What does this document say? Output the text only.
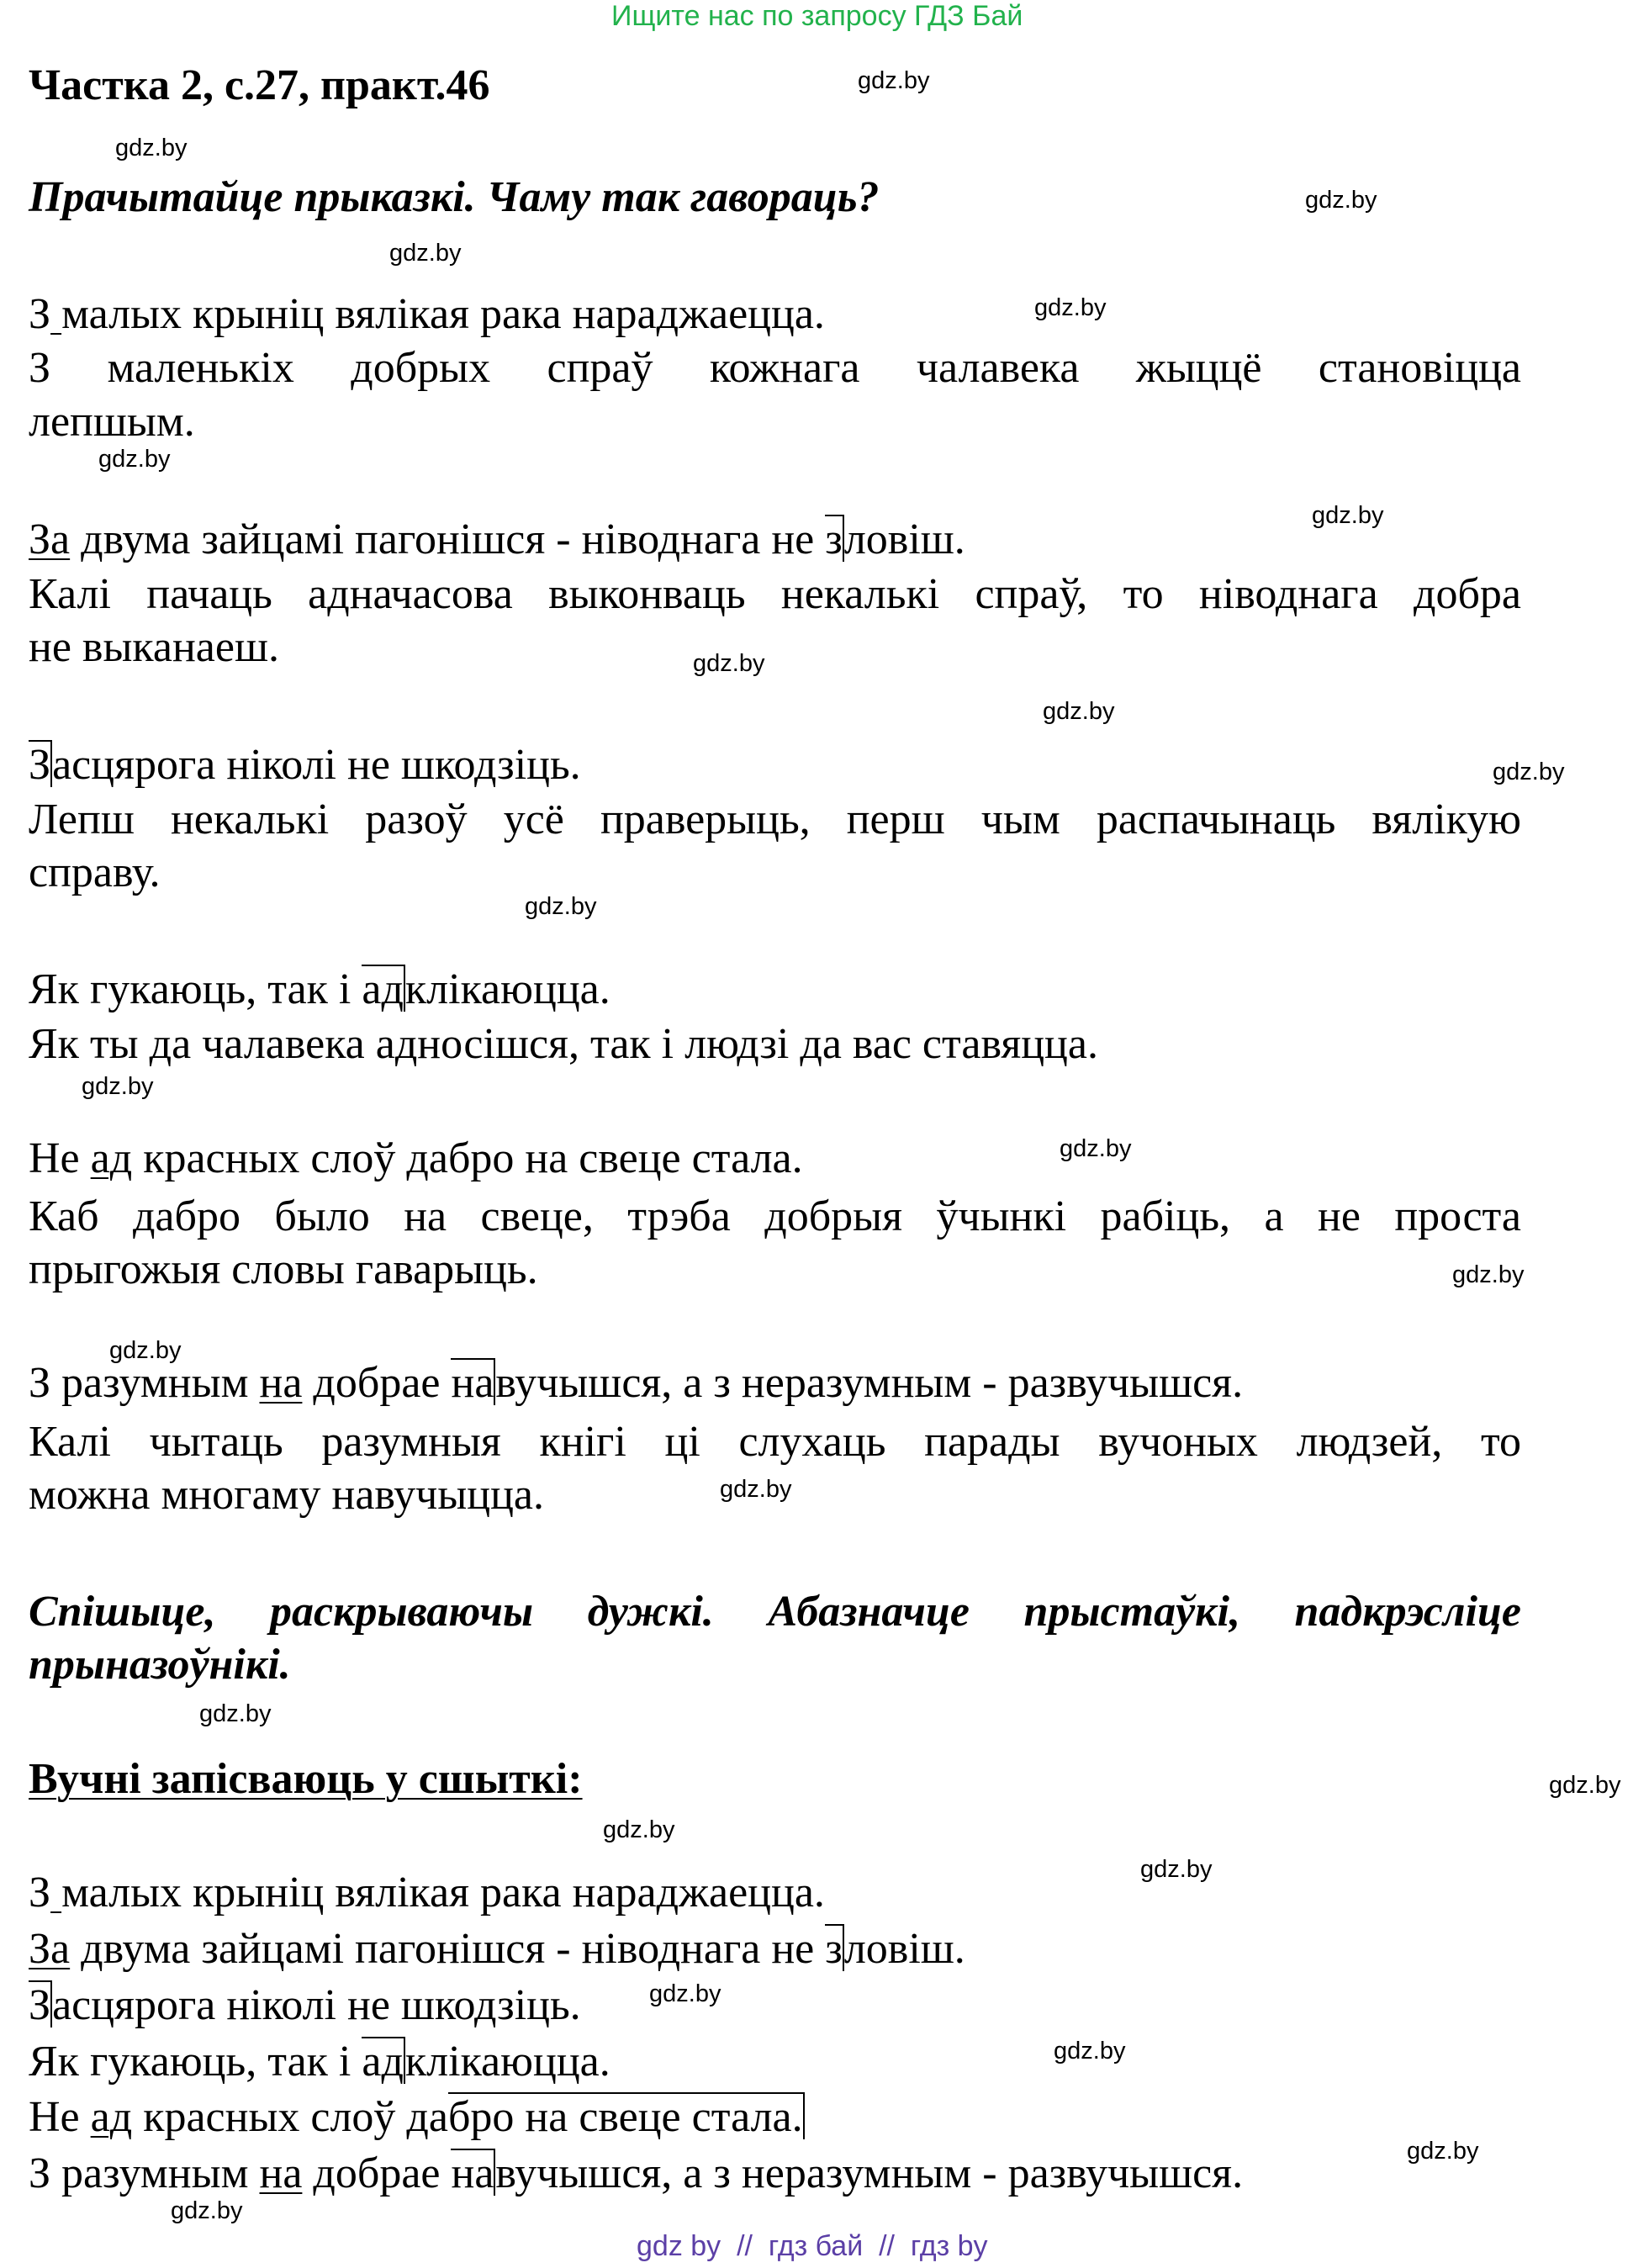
Ищите нас по запросу ГДЗ Бай
Частка 2, с.27, практ.46
Прачытайце прыказкі. Чаму так гавораць?
З малых крыніц вялікая рака нараджаецца.
З маленькіх добрых спраў кожнага чалавека жыццё становіцца
лепшым.
За двума зайцамі пагонішся - ніводнага не зловіш.
Калі пачаць адначасова выконваць некалькі спраў, то ніводнага добра
не выканаеш.
Засцярога ніколі не шкодзіць.
Лепш некалькі разоў усё праверыць, перш чым распачынаць вялікую
справу.
Як гукаюць, так і адклікаюцца.
Як ты да чалавека адносішся, так і людзі да вас ставяцца.
Не ад красных слоў дабро на свеце стала.
Каб дабро было на свеце, трэба добрыя ўчынкі рабіць, а не проста
прыгожыя словы гаварыць.
З разумным на добрае навучышся, а з неразумным - развучышся.
Калі чытаць разумныя кнігі ці слухаць парады вучоных людзей, то
можна многаму навучыцца.
Спішыце, раскрываючы дужкі. Абазначце прыстаўкі, падкрэсліце
прыназоўнікі.
Вучні запісваюць у сшыткі:
З малых крыніц вялікая рака нараджаецца.
За двума зайцамі пагонішся - ніводнага не зловіш.
Засцярога ніколі не шкодзіць.
Як гукаюць, так і адклікаюцца.
Не ад красных слоў дабро на свеце стала.
З разумным на добрае навучышся, а з неразумным - развучышся.
gdz.by
gdz.by
gdz.by
gdz.by
gdz.by
gdz.by
gdz.by
gdz.by
gdz.by
gdz.by
gdz.by
gdz.by
gdz.by
gdz.by
gdz.by
gdz.by
gdz.by
gdz.by
gdz.by
gdz.by
gdz.by
gdz.by
gdz.by
gdz.by
gdz by  //  гдз бай  //  гдз by
